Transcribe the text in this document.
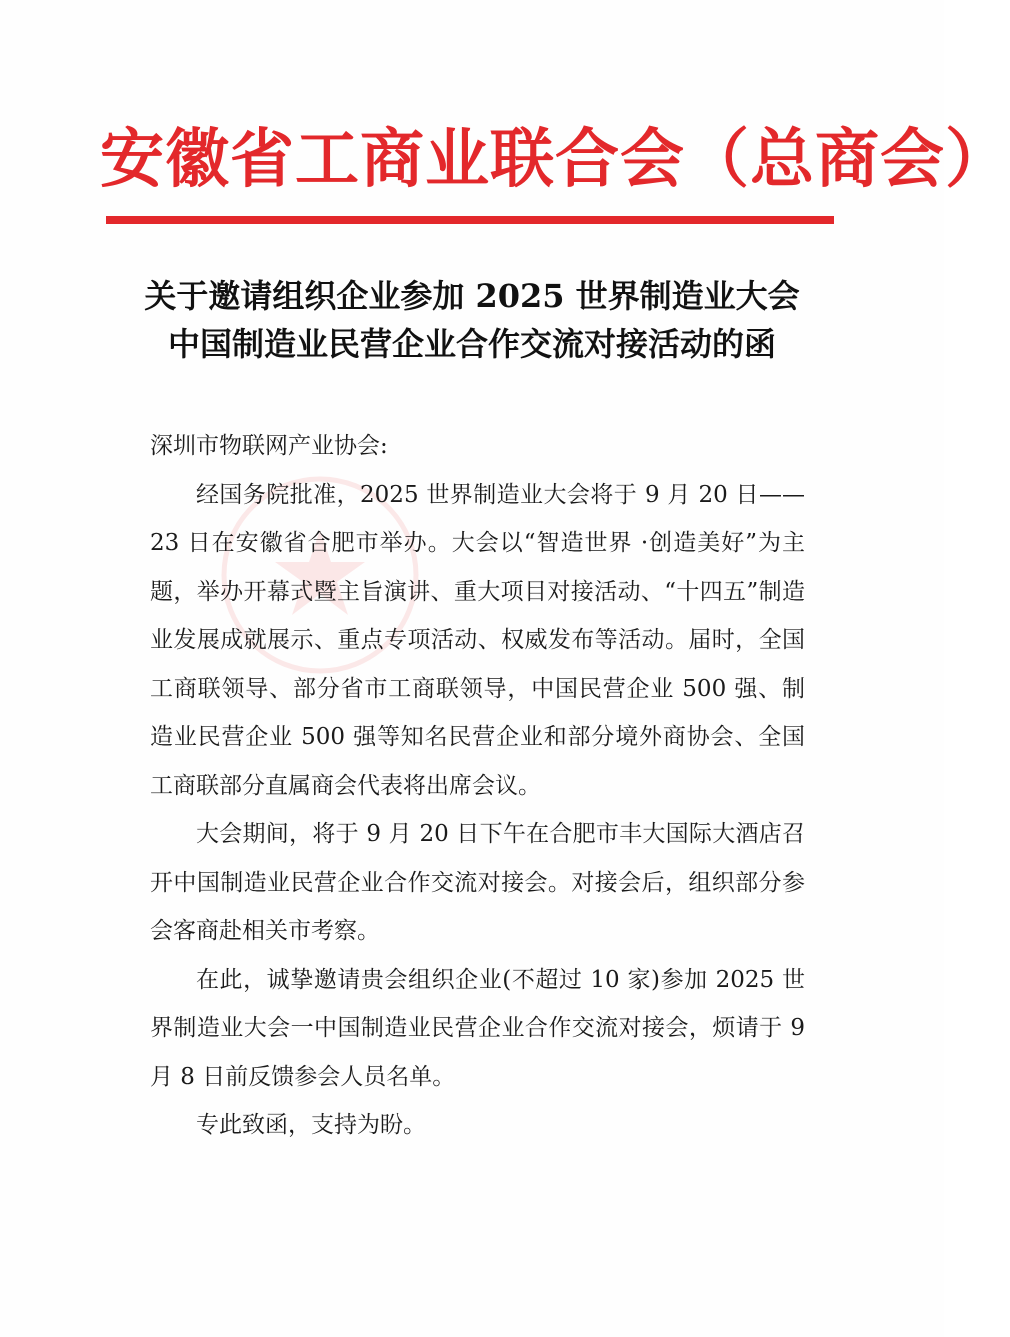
安徽省工商业联合会（总商会）
关于邀请组织企业参加 2025 世界制造业大会
中国制造业民营企业合作交流对接活动的函

深圳市物联网产业协会:

经国务院批准，2025 世界制造业大会将于 9 月 20 日——23 日在安徽省合肥市举办。大会以“智造世界 ·创造美好”为主题，举办开幕式暨主旨演讲、重大项目对接活动、“十四五”制造业发展成就展示、重点专项活动、权威发布等活动。届时，全国工商联领导、部分省市工商联领导，中国民营企业 500 强、制造业民营企业 500 强等知名民营企业和部分境外商协会、全国工商联部分直属商会代表将出席会议。

大会期间，将于 9 月 20 日下午在合肥市丰大国际大酒店召开中国制造业民营企业合作交流对接会。对接会后，组织部分参会客商赴相关市考察。

在此，诚挚邀请贵会组织企业(不超过 10 家)参加 2025 世界制造业大会一中国制造业民营企业合作交流对接会，烦请于 9 月 8 日前反馈参会人员名单。

专此致函，支持为盼。
